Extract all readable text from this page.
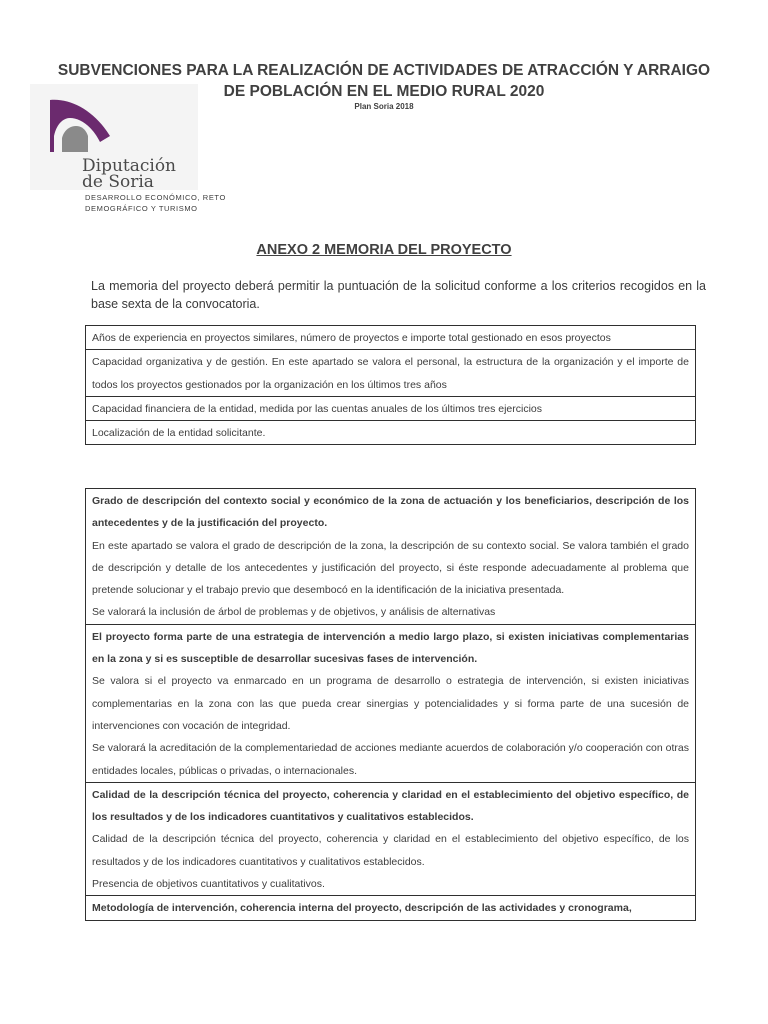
SUBVENCIONES PARA LA REALIZACIÓN DE ACTIVIDADES DE ATRACCIÓN Y ARRAIGO
DE POBLACIÓN EN EL MEDIO RURAL 2020
Plan Soria 2018
Diputación
de Soria
DESARROLLO ECONÓMICO, RETO
DEMOGRÁFICO Y TURISMO
ANEXO 2 MEMORIA DEL PROYECTO
La memoria del proyecto deberá permitir la puntuación de la solicitud conforme a los criterios recogidos en la base sexta de la convocatoria.
Años de experiencia en proyectos similares, número de proyectos e importe total gestionado en esos proyectos
Capacidad organizativa y de gestión. En este apartado se valora el personal, la estructura de la organización y el importe de todos los proyectos gestionados por la organización en los últimos tres años
Capacidad financiera de la entidad, medida por las cuentas anuales de los últimos tres ejercicios
Localización de la entidad solicitante.
Grado de descripción del contexto social y económico de la zona de actuación y los beneficiarios, descripción de los antecedentes y de la justificación del proyecto.
En este apartado se valora el grado de descripción de la zona, la descripción de su contexto social. Se valora también el grado de descripción y detalle de los antecedentes y justificación del proyecto, si éste responde adecuadamente al problema que pretende solucionar y el trabajo previo que desembocó en la identificación de la iniciativa presentada.
Se valorará la inclusión de árbol de problemas y de objetivos, y análisis de alternativas

El proyecto forma parte de una estrategia de intervención a medio largo plazo, si existen iniciativas complementarias en la zona y si es susceptible de desarrollar sucesivas fases de intervención.
Se valora si el proyecto va enmarcado en un programa de desarrollo o estrategia de intervención, si existen iniciativas complementarias en la zona con las que pueda crear sinergias y potencialidades y si forma parte de una sucesión de intervenciones con vocación de integridad.
Se valorará la acreditación de la complementariedad de acciones mediante acuerdos de colaboración y/o cooperación con otras entidades locales, públicas o privadas, o internacionales.

Calidad de la descripción técnica del proyecto, coherencia y claridad en el establecimiento del objetivo específico, de los resultados y de los indicadores cuantitativos y cualitativos establecidos.
Calidad de la descripción técnica del proyecto, coherencia y claridad en el establecimiento del objetivo específico, de los resultados y de los indicadores cuantitativos y cualitativos establecidos.
Presencia de objetivos cuantitativos y cualitativos.

Metodología de intervención, coherencia interna del proyecto, descripción de las actividades y cronograma,
